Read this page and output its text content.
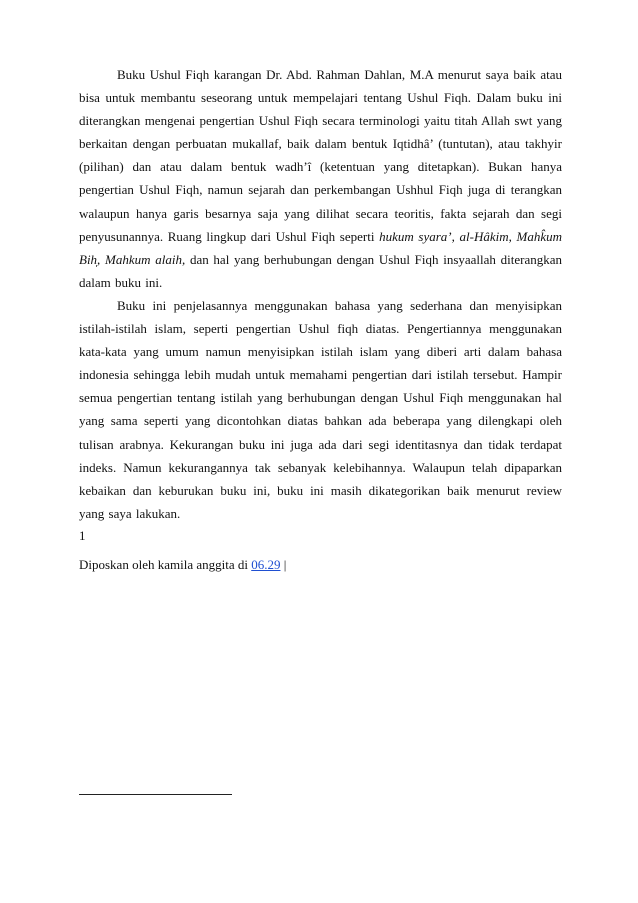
Buku Ushul Fiqh karangan Dr. Abd. Rahman Dahlan, M.A menurut saya baik atau bisa untuk membantu seseorang untuk mempelajari tentang Ushul Fiqh. Dalam buku ini diterangkan mengenai pengertian Ushul Fiqh secara terminologi yaitu titah Allah swt yang berkaitan dengan perbuatan mukallaf, baik dalam bentuk Iqtidhâ’ (tuntutan), atau takhyir (pilihan) dan atau dalam bentuk wadh’î (ketentuan yang ditetapkan). Bukan hanya pengertian Ushul Fiqh, namun sejarah dan perkembangan Ushhul Fiqh juga di terangkan walaupun hanya garis besarnya saja yang dilihat secara teoritis, fakta sejarah dan segi penyusunannya. Ruang lingkup dari Ushul Fiqh seperti hukum syara’, al-Hâkim, Mahk̂um Bih̩, Mahkum alaih, dan hal yang berhubungan dengan Ushul Fiqh insyaallah diterangkan dalam buku ini.

Buku ini penjelasannya menggunakan bahasa yang sederhana dan menyisipkan istilah-istilah islam, seperti pengertian Ushul fiqh diatas. Pengertiannya menggunakan kata-kata yang umum namun menyisipkan istilah islam yang diberi arti dalam bahasa indonesia sehingga lebih mudah untuk memahami pengertian dari istilah tersebut. Hampir semua pengertian tentang istilah yang berhubungan dengan Ushul Fiqh menggunakan hal yang sama seperti yang dicontohkan diatas bahkan ada beberapa yang dilengkapi oleh tulisan arabnya. Kekurangan buku ini juga ada dari segi identitasnya dan tidak terdapat indeks. Namun kekurangannya tak sebanyak kelebihannya. Walaupun telah dipaparkan kebaikan dan keburukan buku ini, buku ini masih dikategorikan baik menurut review yang saya lakukan.

1

Diposkan oleh kamila anggita di 06.29 |
